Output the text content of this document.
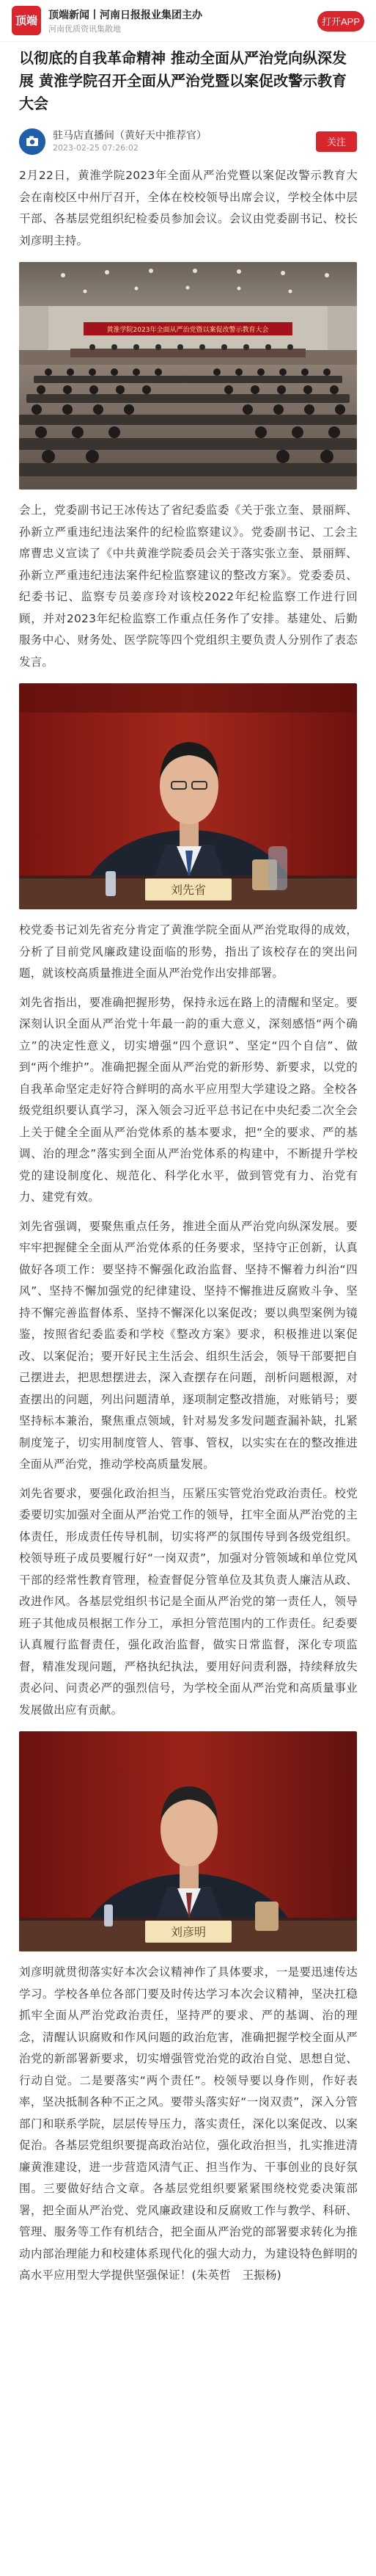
顶端	顶端新闻丨河南日报报业集团主办
河南优质资讯集散地
打开APP
以彻底的自我革命精神 推动全面从严治党向纵深发展 黄淮学院召开全面从严治党暨以案促改警示教育大会
驻马店直播间（黄好天中推荐官）
2023-02-25 07:26:02
关注

2月22日，黄淮学院2023年全面从严治党暨以案促改警示教育大会在南校区中州厅召开，全体在校校领导出席会议，学校全体中层干部、各基层党组织纪检委员参加会议。会议由党委副书记、校长刘彦明主持。

黄淮学院2023年全面从严治党暨以案促改警示教育大会

会上，党委副书记王冰传达了省纪委监委《关于张立奎、景丽辉、孙新立严重违纪违法案件的纪检监察建议》。党委副书记、工会主席曹忠义宣读了《中共黄淮学院委员会关于落实张立奎、景丽辉、孙新立严重违纪违法案件纪检监察建议的整改方案》。党委委员、纪委书记、监察专员姜彦玲对该校2022年纪检监察工作进行回顾，并对2023年纪检监察工作重点任务作了安排。基建处、后勤服务中心、财务处、医学院等四个党组织主要负责人分别作了表态发言。

刘先省

校党委书记刘先省充分肯定了黄淮学院全面从严治党取得的成效，分析了目前党风廉政建设面临的形势，指出了该校存在的突出问题，就该校高质量推进全面从严治党作出安排部署。

刘先省指出，要准确把握形势，保持永远在路上的清醒和坚定。要深刻认识全面从严治党十年最一韵的重大意义，深刻感悟“两个确立”的决定性意义，切实增强“四个意识”、坚定“四个自信”、做到“两个维护”。准确把握全面从严治党的新形势、新要求，以党的自我革命坚定走好符合鲜明的高水平应用型大学建设之路。全校各级党组织要认真学习，深入领会习近平总书记在中央纪委二次全会上关于健全全面从严治党体系的基本要求，把“全的要求、严的基调、治的理念”落实到全面从严治党体系的构建中，不断提升学校党的建设制度化、规范化、科学化水平，做到管党有力、治党有力、建党有效。

刘先省强调，要聚焦重点任务，推进全面从严治党向纵深发展。要牢牢把握健全全面从严治党体系的任务要求，坚持守正创新，认真做好各项工作：要坚持不懈强化政治监督、坚持不懈着力纠治“四风”、坚持不懈加强党的纪律建设、坚持不懈推进反腐败斗争、坚持不懈完善监督体系、坚持不懈深化以案促改；要以典型案例为镜鉴，按照省纪委监委和学校《整改方案》要求，积极推进以案促改、以案促治；要开好民主生活会、组织生活会，领导干部要把自己摆进去，把思想摆进去，深入查摆存在问题，剖析问题根源，对查摆出的问题，列出问题清单，逐项制定整改措施，对账销号；要坚持标本兼治，聚焦重点领域，针对易发多发问题查漏补缺，扎紧制度笼子，切实用制度管人、管事、管权，以实实在在的整改推进全面从严治党，推动学校高质量发展。

刘先省要求，要强化政治担当，压紧压实管党治党政治责任。校党委要切实加强对全面从严治党工作的领导，扛牢全面从严治党的主体责任，形成责任传导机制，切实将严的氛围传导到各级党组织。校领导班子成员要履行好“一岗双责”，加强对分管领域和单位党风干部的经常性教育管理，检查督促分管单位及其负责人廉洁从政、改进作风。各基层党组织书记是全面从严治党的第一责任人，领导班子其他成员根据工作分工，承担分管范围内的工作责任。纪委要认真履行监督责任，强化政治监督，做实日常监督，深化专项监督，精准发现问题，严格执纪执法，要用好问责利器，持续释放失责必问、问责必严的强烈信号，为学校全面从严治党和高质量事业发展做出应有贡献。

刘彦明

刘彦明就贯彻落实好本次会议精神作了具体要求，一是要迅速传达学习。学校各单位各部门要及时传达学习本次会议精神，坚决扛稳抓牢全面从严治党政治责任，坚持严的要求、严的基调、治的理念，清醒认识腐败和作风问题的政治危害，准确把握学校全面从严治党的新部署新要求，切实增强管党治党的政治自觉、思想自觉、行动自觉。二是要落实“两个责任”。校领导要以身作则，作好表率，坚决抵制各种不正之风。要带头落实好“一岗双责”，深入分管部门和联系学院，层层传导压力，落实责任，深化以案促改、以案促治。各基层党组织要提高政治站位，强化政治担当，扎实推进清廉黄淮建设，进一步营造风清气正、担当作为、干事创业的良好氛围。三要做好结合文章。各基层党组织要紧紧围绕校党委决策部署，把全面从严治党、党风廉政建设和反腐败工作与教学、科研、管理、服务等工作有机结合，把全面从严治党的部署要求转化为推动内部治理能力和校建体系现代化的强大动力，为建设特色鲜明的高水平应用型大学提供坚强保证！(朱英哲　王振杨)
